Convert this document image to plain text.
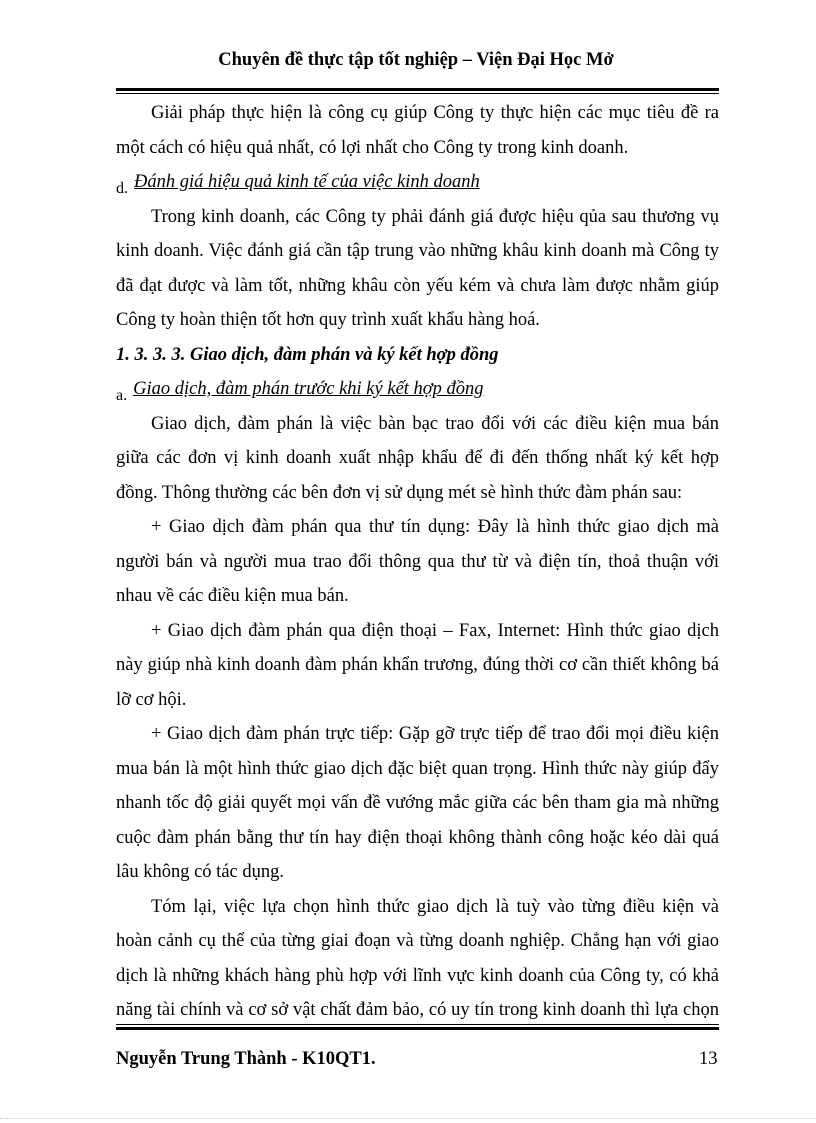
Chuyên đề thực tập tốt nghiệp – Viện Đại Học Mở
Giải pháp thực hiện là công cụ giúp Công ty thực hiện các mục tiêu đề ra
một cách có hiệu quả nhất, có lợi nhất cho Công ty trong kinh doanh.
d. Đánh giá hiệu quả kinh tế của việc kinh doanh
Trong kinh doanh, các Công ty phải đánh giá được hiệu qủa sau thương vụ
kinh doanh. Việc đánh giá cần tập trung vào những khâu kinh doanh mà Công ty
đã đạt được và làm tốt, những khâu còn yếu kém và chưa làm được nhằm giúp
Công ty hoàn thiện tốt hơn quy trình xuất khẩu hàng hoá.
1. 3. 3. 3. Giao dịch, đàm phán và ký kết hợp đồng
a. Giao dịch, đàm phán trước khi ký kết hợp đồng
Giao dịch, đàm phán là việc bàn bạc trao đổi với các điều kiện mua bán
giữa các đơn vị kinh doanh xuất nhập khẩu để đi đến thống nhất ký kết hợp
đồng. Thông thường các bên đơn vị sử dụng mét sè hình thức đàm phán sau:
+ Giao dịch đàm phán qua thư tín dụng: Đây là hình thức giao dịch mà
người bán và người mua trao đổi thông qua thư từ và điện tín, thoả thuận với
nhau về các điều kiện mua bán.
+ Giao dịch đàm phán qua điện thoại – Fax, Internet: Hình thức giao dịch
này giúp nhà kinh doanh đàm phán khẩn trương, đúng thời cơ cần thiết không bá
lỡ cơ hội.
+ Giao dịch đàm phán trực tiếp: Gặp gỡ trực tiếp để trao đổi mọi điều kiện
mua bán là một hình thức giao dịch đặc biệt quan trọng. Hình thức này giúp đẩy
nhanh tốc độ giải quyết mọi vấn đề vướng mắc giữa các bên tham gia mà những
cuộc đàm phán bằng thư tín hay điện thoại không thành công hoặc kéo dài quá
lâu không có tác dụng.
Tóm lại, việc lựa chọn hình thức giao dịch là tuỳ vào từng điều kiện và
hoàn cảnh cụ thể của từng giai đoạn và từng doanh nghiệp. Chẳng hạn với giao
dịch là những khách hàng phù hợp với lĩnh vực kinh doanh của Công ty, có khả
năng tài chính và cơ sở vật chất đảm bảo, có uy tín trong kinh doanh thì lựa chọn
Nguyễn Trung Thành - K10QT1.	13
